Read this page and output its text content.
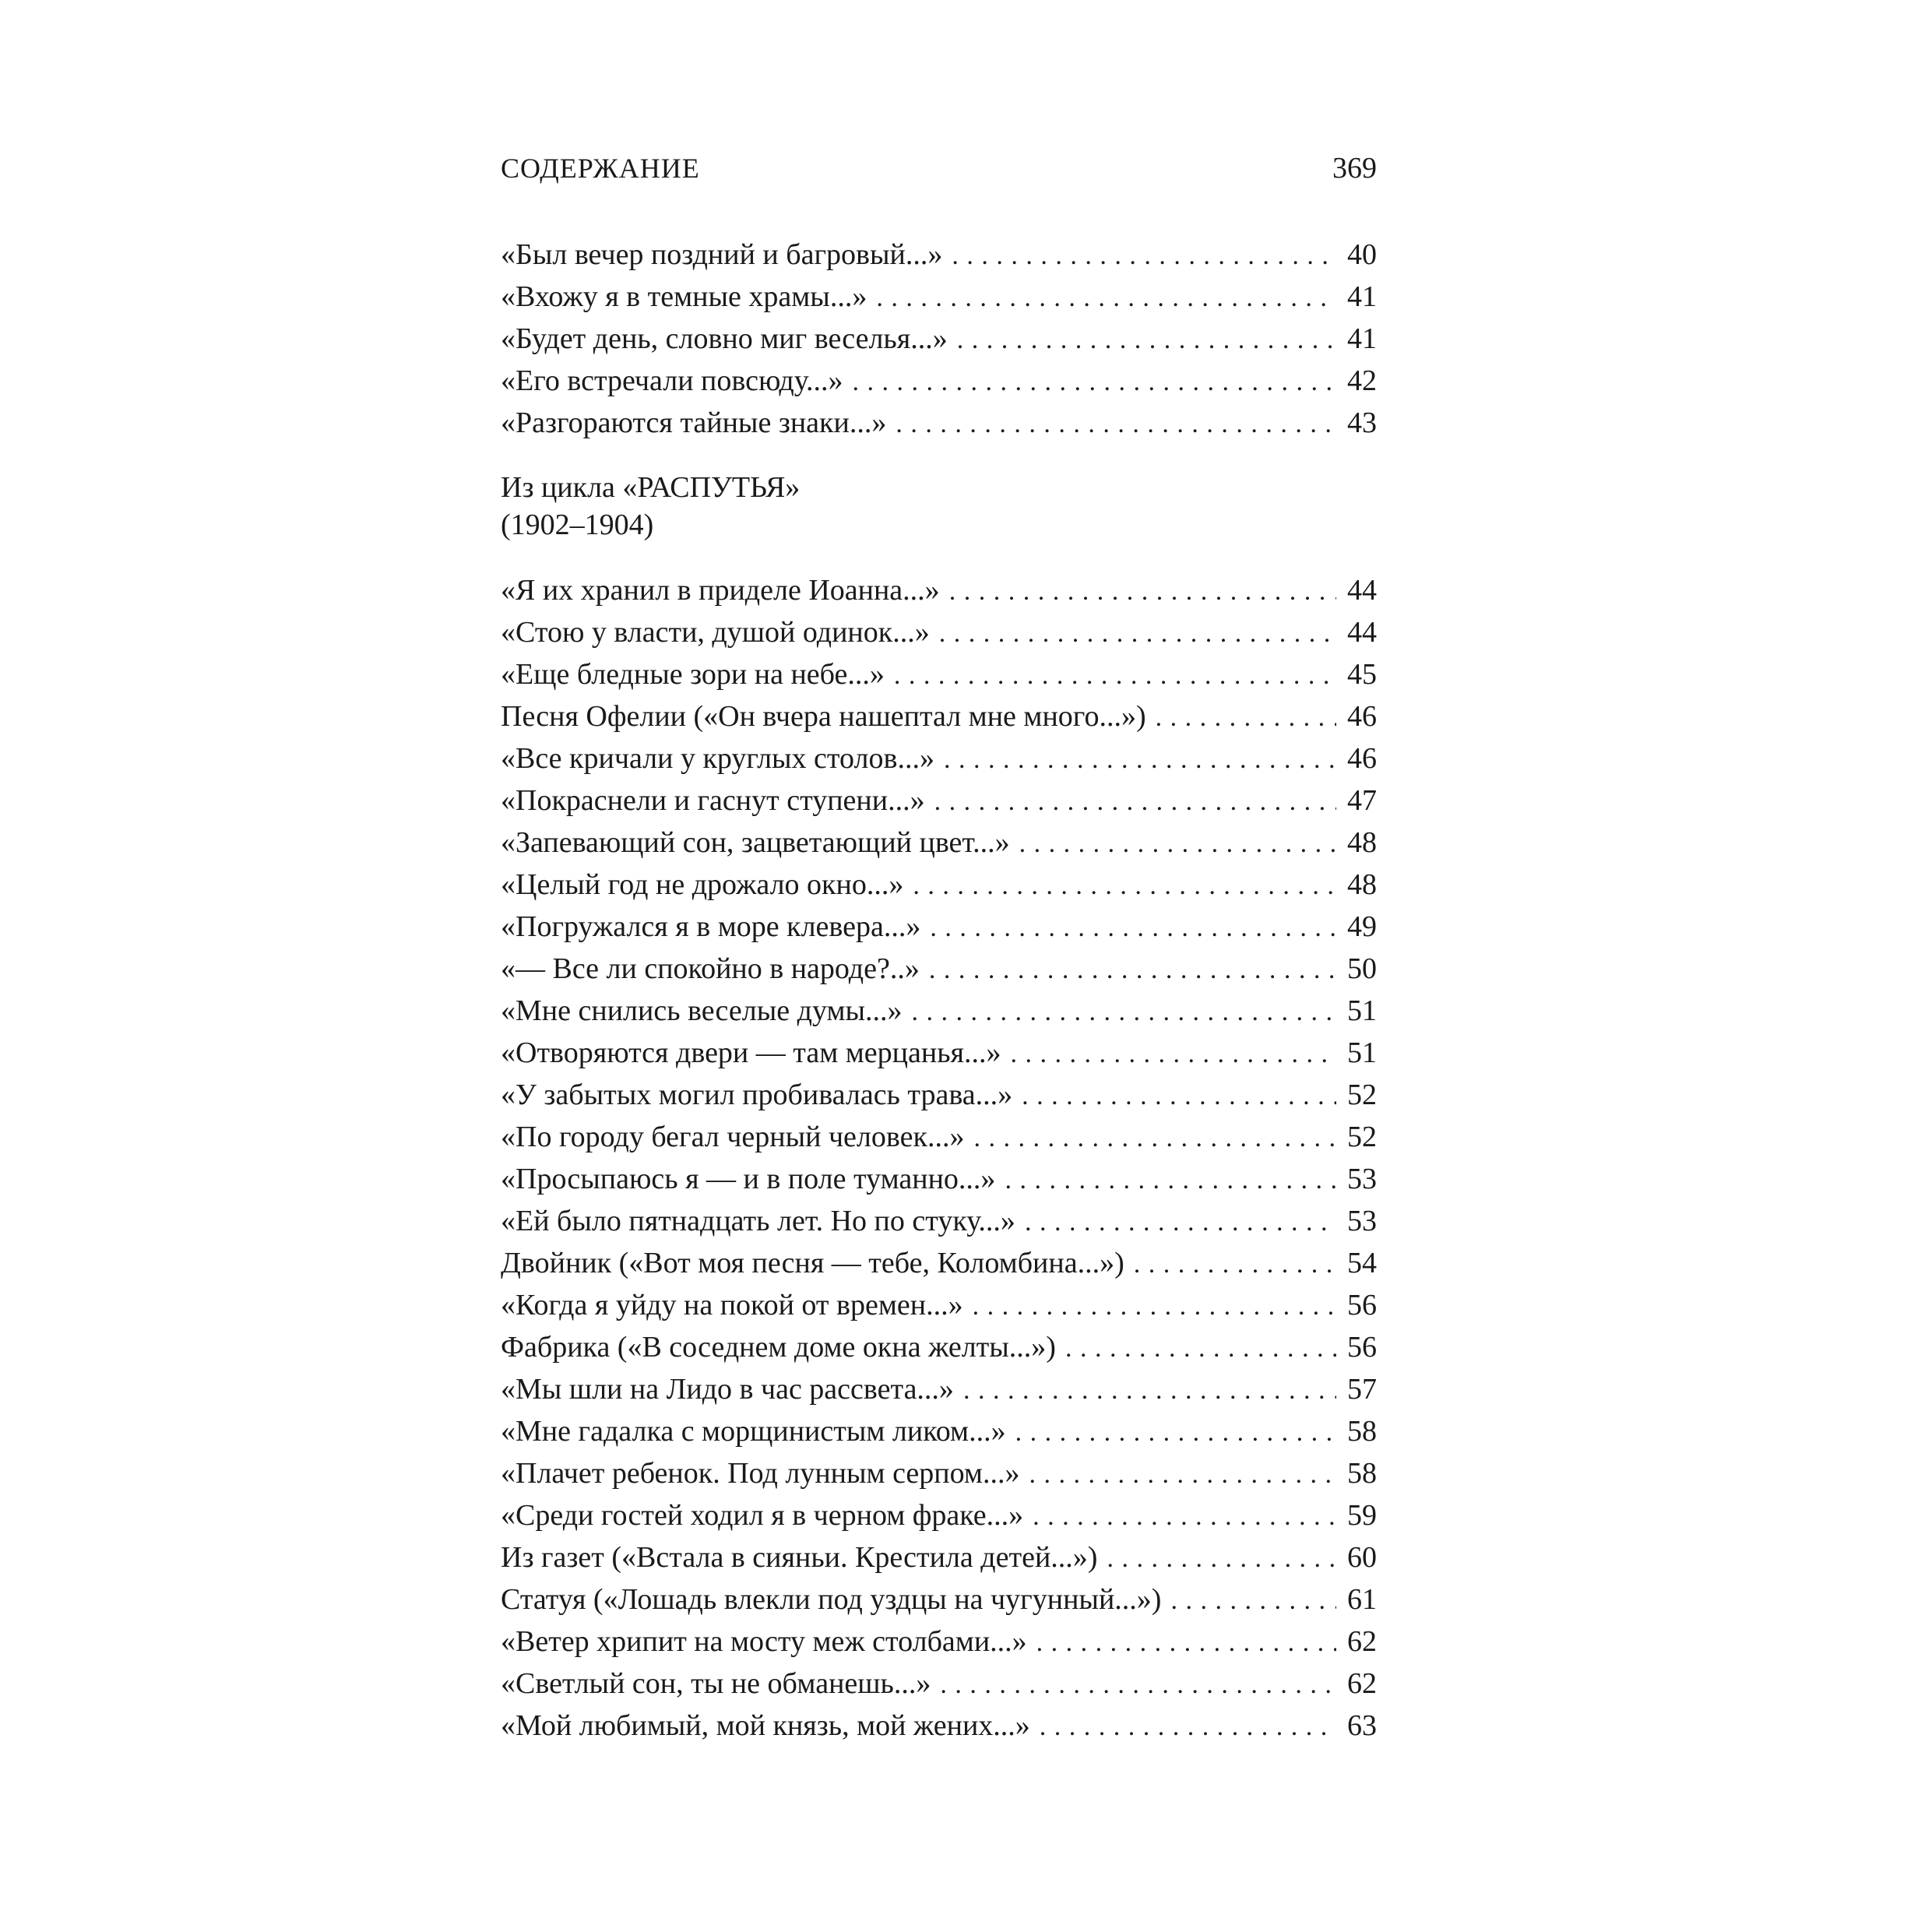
СОДЕРЖАНИЕ	369
«Был вечер поздний и багровый...» . . .	40
«Вхожу я в темные храмы...» . . .	41
«Будет день, словно миг веселья...» . . .	41
«Его встречали повсюду...» . . .	42
«Разгораются тайные знаки...» . . .	43
Из цикла «РАСПУТЬЯ»
(1902–1904)
«Я их хранил в приделе Иоанна...» . . .	44
«Стою у власти, душой одинок...» . . .	44
«Еще бледные зори на небе...» . . .	45
Песня Офелии («Он вчера нашептал мне много...») . . .	46
«Все кричали у круглых столов...» . . .	46
«Покраснели и гаснут ступени...» . . .	47
«Запевающий сон, зацветающий цвет...» . . .	48
«Целый год не дрожало окно...» . . .	48
«Погружался я в море клевера...» . . .	49
«— Все ли спокойно в народе?..» . . .	50
«Мне снились веселые думы...» . . .	51
«Отворяются двери — там мерцанья...» . . .	51
«У забытых могил пробивалась трава...» . . .	52
«По городу бегал черный человек...» . . .	52
«Просыпаюсь я — и в поле туманно...» . . .	53
«Ей было пятнадцать лет. Но по стуку...» . . .	53
Двойник («Вот моя песня — тебе, Коломбина...») . . .	54
«Когда я уйду на покой от времен...» . . .	56
Фабрика («В соседнем доме окна желты...») . . .	56
«Мы шли на Лидо в час рассвета...» . . .	57
«Мне гадалка с морщинистым ликом...» . . .	58
«Плачет ребенок. Под лунным серпом...» . . .	58
«Среди гостей ходил я в черном фраке...» . . .	59
Из газет («Встала в сияньи. Крестила детей...») . . .	60
Статуя («Лошадь влекли под уздцы на чугунный...») . . .	61
«Ветер хрипит на мосту меж столбами...» . . .	62
«Светлый сон, ты не обманешь...» . . .	62
«Мой любимый, мой князь, мой жених...» . . .	63
